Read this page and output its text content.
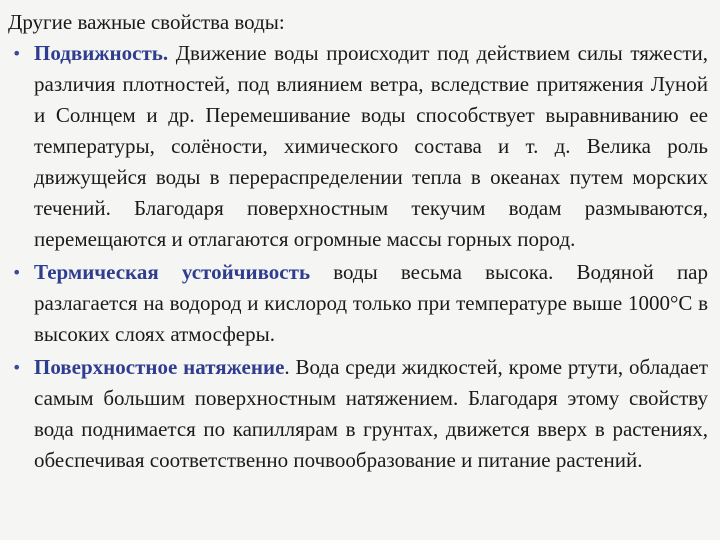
Другие важные свойства воды:
• Подвижность. Движение воды происходит под действием силы тяжести, различия плотностей, под влиянием ветра, вследствие притяжения Луной и Солнцем и др. Перемешивание воды способствует выравниванию ее температуры, солёности, химического состава и т. д. Велика роль движущейся воды в перераспределении тепла в океанах путем морских течений. Благодаря поверхностным текучим водам размываются, перемещаются и отлагаются огромные массы горных пород.
• Термическая устойчивость воды весьма высока. Водяной пар разлагается на водород и кислород только при температуре выше 1000°С в высоких слоях атмосферы.
• Поверхностное натяжение. Вода среди жидкостей, кроме ртути, обладает самым большим поверхностным натяжением. Благодаря этому свойству вода поднимается по капиллярам в грунтах, движется вверх в растениях, обеспечивая соответственно почвообразование и питание растений.
